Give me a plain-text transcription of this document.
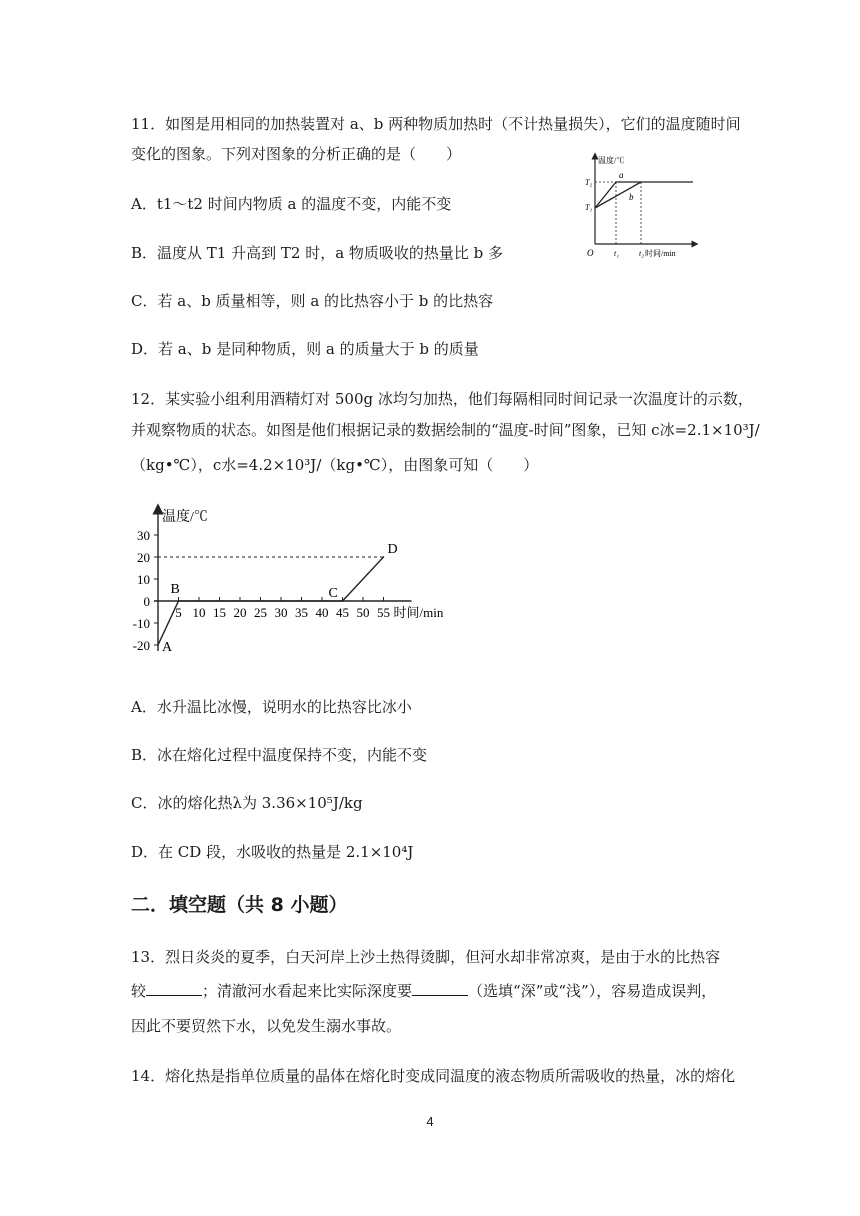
11．如图是用相同的加热装置对 a、b 两种物质加热时（不计热量损失），它们的温度随时间
变化的图象。下列对图象的分析正确的是（　　）
A．t1～t2 时间内物质 a 的温度不变，内能不变
B．温度从 T1 升高到 T2 时，a 物质吸收的热量比 b 多
C．若 a、b 质量相等，则 a 的比热容小于 b 的比热容
D．若 a、b 是同种物质，则 a 的质量大于 b 的质量
温度/℃
时间/min
O
T₂
T₁
a
b
t₁ t₂
12．某实验小组利用酒精灯对 500g 冰均匀加热，他们每隔相同时间记录一次温度计的示数，
并观察物质的状态。如图是他们根据记录的数据绘制的“温度-时间”图象，已知 c冰=2.1×10³J/
（kg•℃），c水=4.2×10³J/（kg•℃），由图象可知（　　）
温度/℃
时间/min
30
20
10
0
-10
-20
5 10 15 20 25 30 35 40 45 50 55
A
B	C
D
A．水升温比冰慢，说明水的比热容比冰小
B．冰在熔化过程中温度保持不变，内能不变
C．冰的熔化热λ为 3.36×10⁵J/kg
D．在 CD 段，水吸收的热量是 2.1×10⁴J
二．填空题（共 8 小题）
13．烈日炎炎的夏季，白天河岸上沙土热得烫脚，但河水却非常凉爽，是由于水的比热容
较	；清澈河水看起来比实际深度要	（选填“深”或“浅”），容易造成误判，
因此不要贸然下水，以免发生溺水事故。
14．熔化热是指单位质量的晶体在熔化时变成同温度的液态物质所需吸收的热量，冰的熔化
4
